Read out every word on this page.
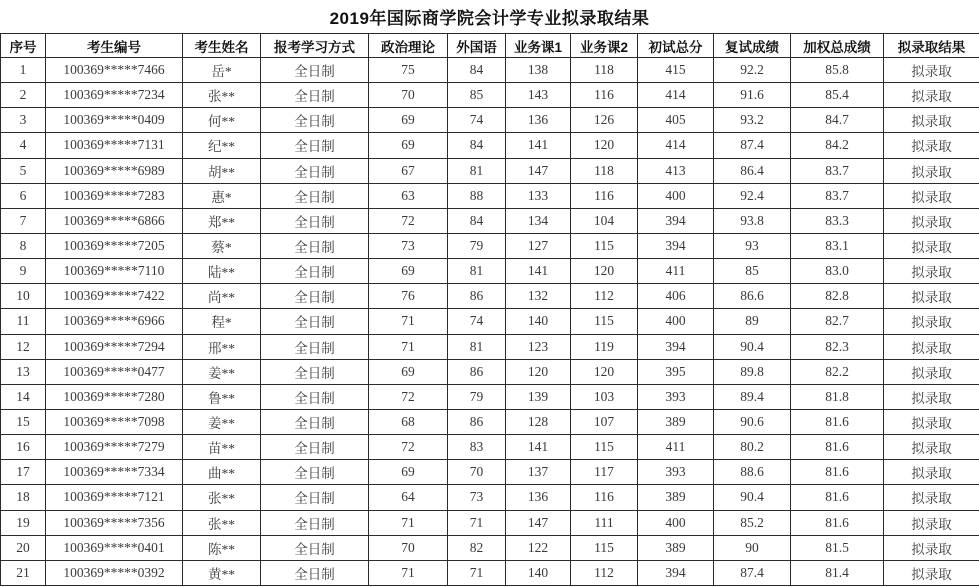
2019年国际商学院会计学专业拟录取结果
序号	考生编号	考生姓名	报考学习方式	政治理论	外国语	业务课1	业务课2	初试总分	复试成绩	加权总成绩	拟录取结果
1	100369*****7466	岳*	全日制	75	84	138	118	415	92.2	85.8	拟录取
2	100369*****7234	张**	全日制	70	85	143	116	414	91.6	85.4	拟录取
3	100369*****0409	何**	全日制	69	74	136	126	405	93.2	84.7	拟录取
4	100369*****7131	纪**	全日制	69	84	141	120	414	87.4	84.2	拟录取
5	100369*****6989	胡**	全日制	67	81	147	118	413	86.4	83.7	拟录取
6	100369*****7283	惠*	全日制	63	88	133	116	400	92.4	83.7	拟录取
7	100369*****6866	郑**	全日制	72	84	134	104	394	93.8	83.3	拟录取
8	100369*****7205	蔡*	全日制	73	79	127	115	394	93	83.1	拟录取
9	100369*****7110	陆**	全日制	69	81	141	120	411	85	83.0	拟录取
10	100369*****7422	尚**	全日制	76	86	132	112	406	86.6	82.8	拟录取
11	100369*****6966	程*	全日制	71	74	140	115	400	89	82.7	拟录取
12	100369*****7294	邢**	全日制	71	81	123	119	394	90.4	82.3	拟录取
13	100369*****0477	姜**	全日制	69	86	120	120	395	89.8	82.2	拟录取
14	100369*****7280	鲁**	全日制	72	79	139	103	393	89.4	81.8	拟录取
15	100369*****7098	姜**	全日制	68	86	128	107	389	90.6	81.6	拟录取
16	100369*****7279	苗**	全日制	72	83	141	115	411	80.2	81.6	拟录取
17	100369*****7334	曲**	全日制	69	70	137	117	393	88.6	81.6	拟录取
18	100369*****7121	张**	全日制	64	73	136	116	389	90.4	81.6	拟录取
19	100369*****7356	张**	全日制	71	71	147	111	400	85.2	81.6	拟录取
20	100369*****0401	陈**	全日制	70	82	122	115	389	90	81.5	拟录取
21	100369*****0392	黄**	全日制	71	71	140	112	394	87.4	81.4	拟录取
